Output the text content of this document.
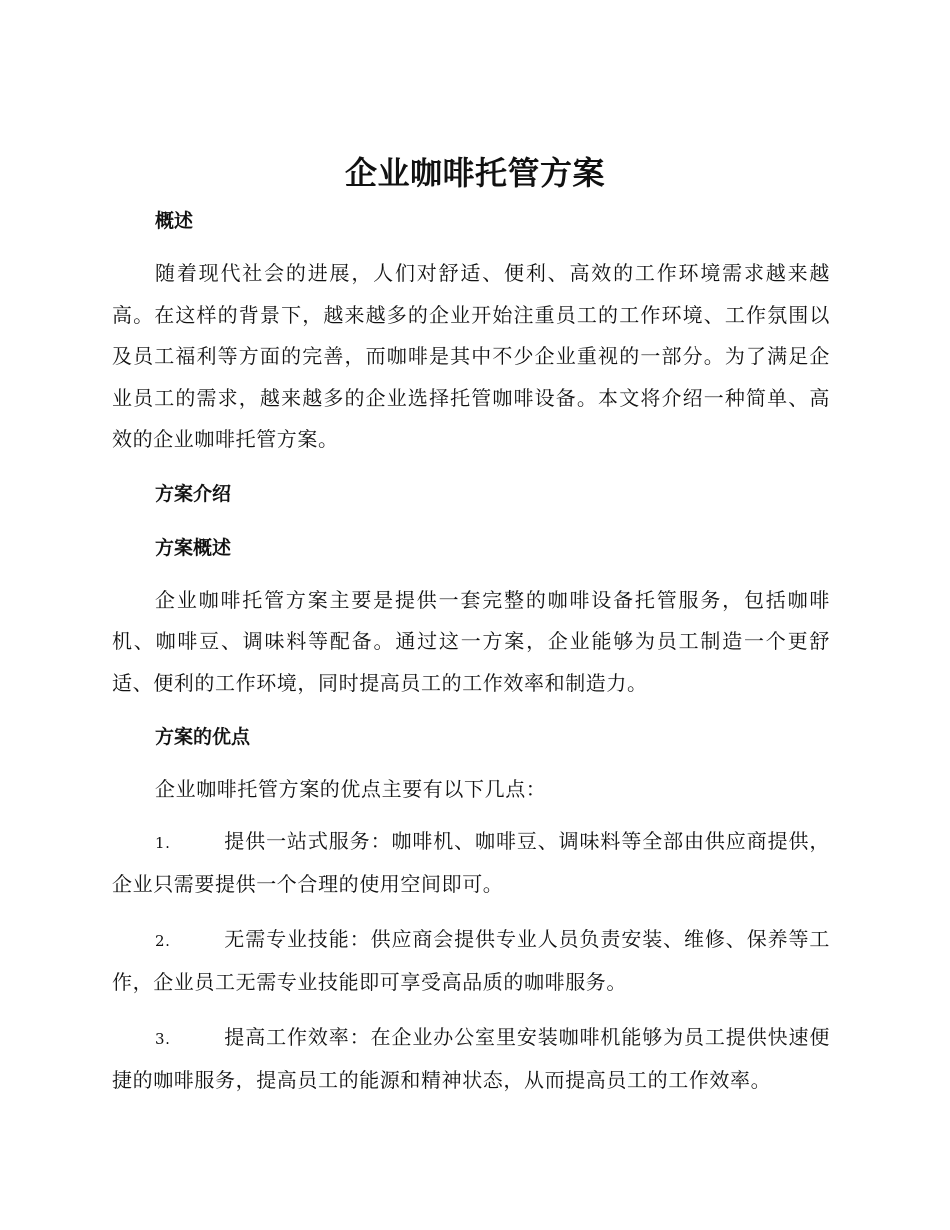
企业咖啡托管方案
概述

随着现代社会的进展，人们对舒适、便利、高效的工作环境需求越来越高。在这样的背景下，越来越多的企业开始注重员工的工作环境、工作氛围以及员工福利等方面的完善，而咖啡是其中不少企业重视的一部分。为了满足企业员工的需求，越来越多的企业选择托管咖啡设备。本文将介绍一种简单、高效的企业咖啡托管方案。

方案介绍
方案概述

企业咖啡托管方案主要是提供一套完整的咖啡设备托管服务，包括咖啡机、咖啡豆、调味料等配备。通过这一方案，企业能够为员工制造一个更舒适、便利的工作环境，同时提高员工的工作效率和制造力。

方案的优点

企业咖啡托管方案的优点主要有以下几点：

1.	提供一站式服务：咖啡机、咖啡豆、调味料等全部由供应商提供，企业只需要提供一个合理的使用空间即可。

2.	无需专业技能：供应商会提供专业人员负责安装、维修、保养等工作，企业员工无需专业技能即可享受高品质的咖啡服务。

3.	提高工作效率：在企业办公室里安装咖啡机能够为员工提供快速便捷的咖啡服务，提高员工的能源和精神状态，从而提高员工的工作效率。
